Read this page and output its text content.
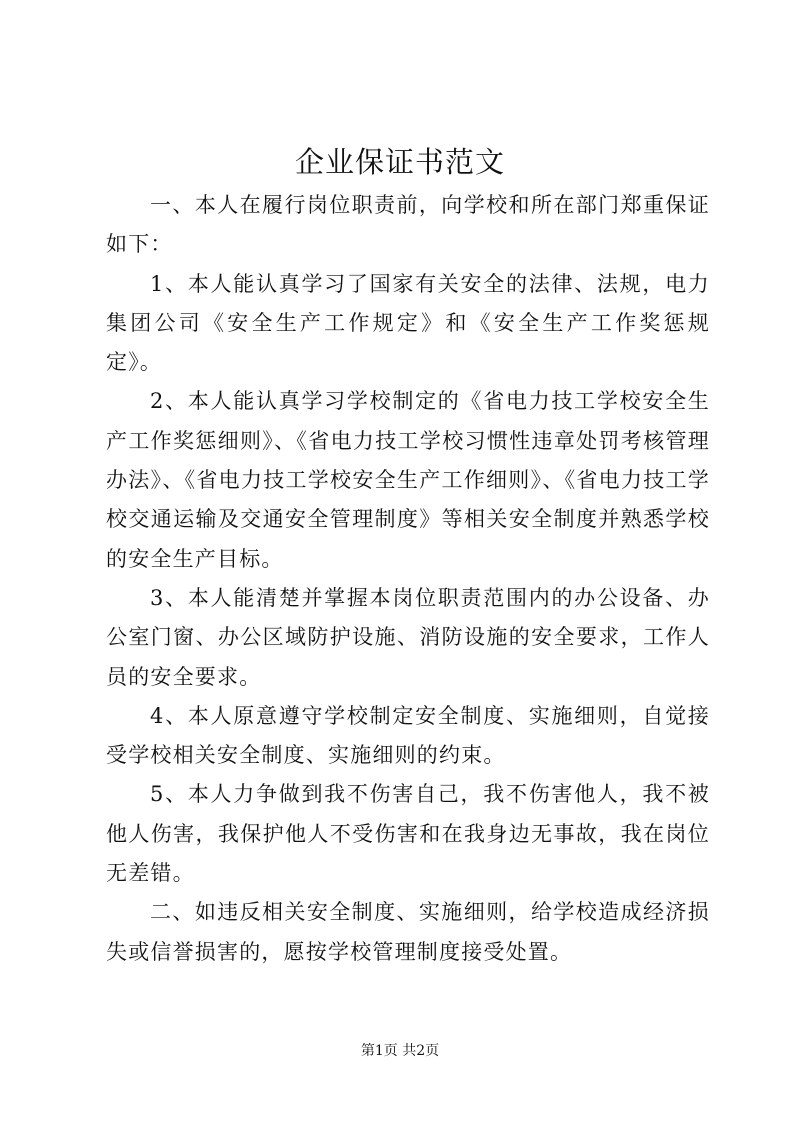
企业保证书范文

一、本人在履行岗位职责前，向学校和所在部门郑重保证如下：

1、本人能认真学习了国家有关安全的法律、法规，电力集团公司《安全生产工作规定》和《安全生产工作奖惩规定》。

2、本人能认真学习学校制定的《省电力技工学校安全生产工作奖惩细则》、《省电力技工学校习惯性违章处罚考核管理办法》、《省电力技工学校安全生产工作细则》、《省电力技工学校交通运输及交通安全管理制度》等相关安全制度并熟悉学校的安全生产目标。

3、本人能清楚并掌握本岗位职责范围内的办公设备、办公室门窗、办公区域防护设施、消防设施的安全要求，工作人员的安全要求。

4、本人原意遵守学校制定安全制度、实施细则，自觉接受学校相关安全制度、实施细则的约束。

5、本人力争做到我不伤害自己，我不伤害他人，我不被他人伤害，我保护他人不受伤害和在我身边无事故，我在岗位无差错。

二、如违反相关安全制度、实施细则，给学校造成经济损失或信誉损害的，愿按学校管理制度接受处置。

第1页 共2页
